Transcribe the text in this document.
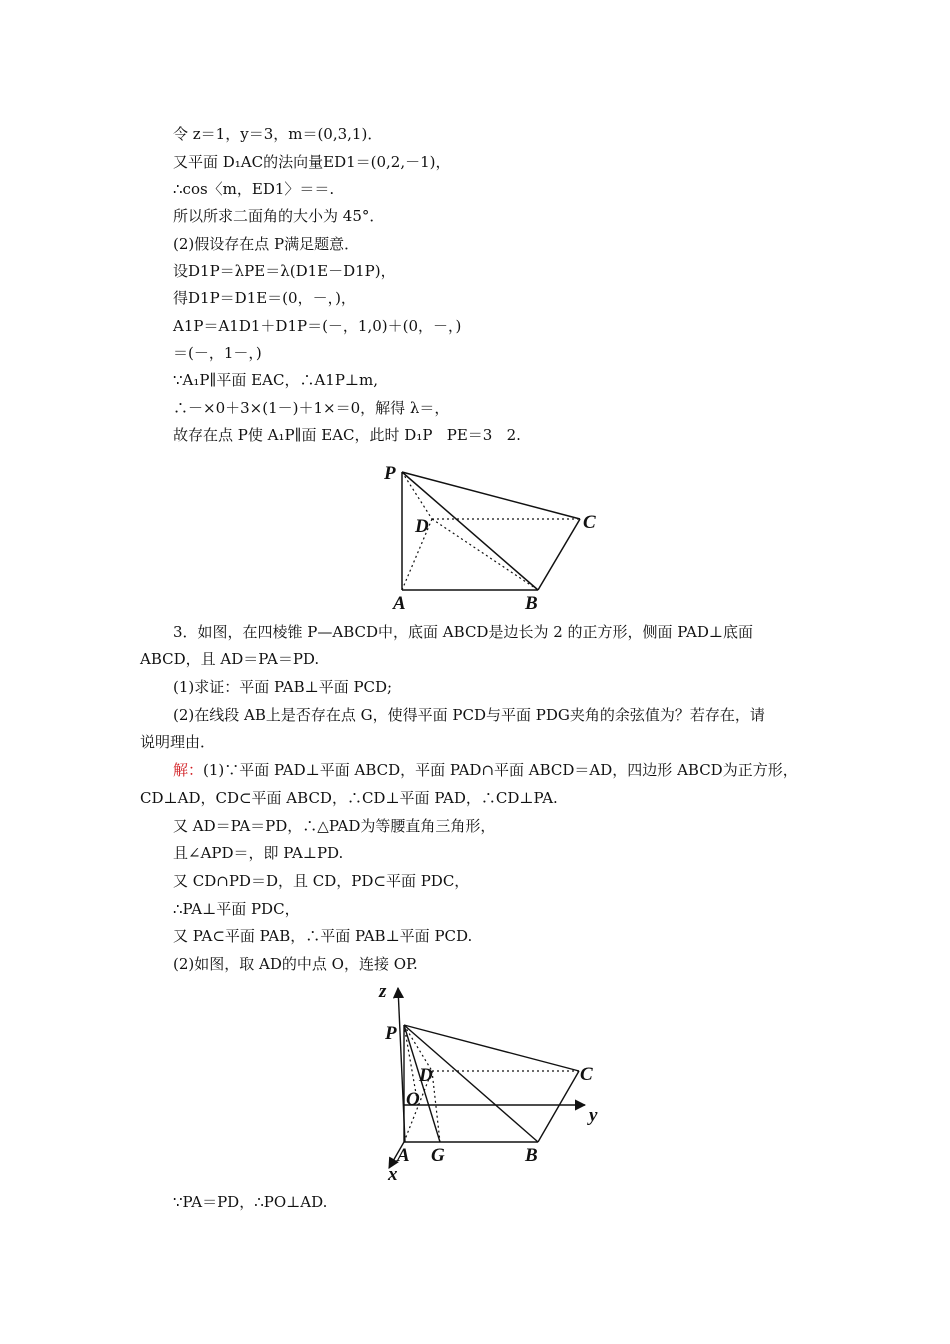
令 z＝1，y＝3，m＝(0,3,1)．
又平面 D₁AC的法向量ED1＝(0,2,－1)，
∴cos〈m，ED1〉＝＝.
所以所求二面角的大小为 45°．
(2)假设存在点 P满足题意．
设D1P＝λPE＝λ(D1E－D1P)，
得D1P＝D1E＝(0，－，)，
A1P＝A1D1＋D1P＝(－，1,0)＋(0，－，)
＝(－，1－，)
∵A₁P∥平面 EAC，∴A1P⊥m,
∴－×0＋3×(1－)＋1×＝0，解得 λ＝，
故存在点 P使 A₁P∥面 EAC，此时 D₁P   PE＝3   2.
P
D	C
A	B
3．如图，在四棱锥 P—ABCD中，底面 ABCD是边长为 2 的正方形，侧面 PAD⊥底面
ABCD，且 AD＝PA＝PD.
(1)求证：平面 PAB⊥平面 PCD;
(2)在线段 AB上是否存在点 G，使得平面 PCD与平面 PDG夹角的余弦值为？若存在，请
说明理由．
解：(1)∵平面 PAD⊥平面 ABCD，平面 PAD∩平面 ABCD＝AD，四边形 ABCD为正方形，
CD⊥AD，CD⊂平面 ABCD，∴CD⊥平面 PAD，∴CD⊥PA.
又 AD＝PA＝PD，∴△PAD为等腰直角三角形，
且∠APD＝，即 PA⊥PD.
又 CD∩PD＝D，且 CD，PD⊂平面 PDC，
∴PA⊥平面 PDC，
又 PA⊂平面 PAB，∴平面 PAB⊥平面 PCD.
(2)如图，取 AD的中点 O，连接 OP.
z
P
D	C
O
y
A G	B
x
∵PA＝PD，∴PO⊥AD.
